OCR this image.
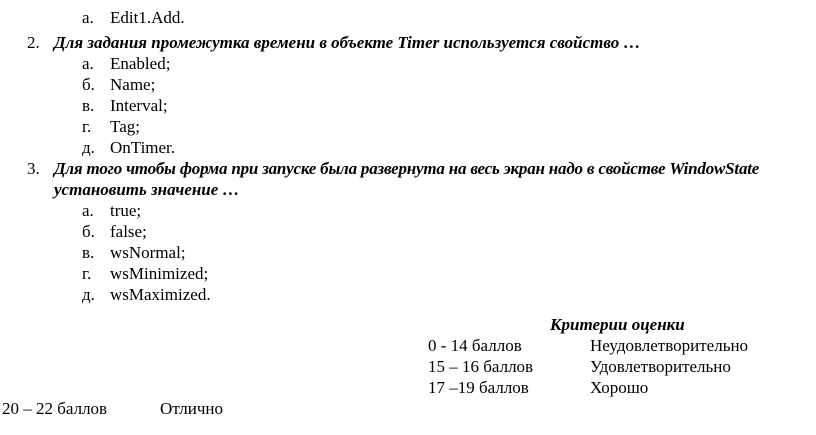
а. Edit1.Add.
2. Для задания промежутка времени в объекте Timer используется свойство …
а. Enabled;
б. Name;
в. Interval;
г. Tag;
д. OnTimer.
3. Для того чтобы форма при запуске была развернута на весь экран надо в свойстве WindowState
установить значение …
а. true;
б. false;
в. wsNormal;
г. wsMinimized;
д. wsMaximized.
Критерии оценки
0 - 14 баллов	Неудовлетворительно
15 – 16 баллов	Удовлетворительно
17 –19 баллов	Хорошо
20 – 22 баллов	Отлично
